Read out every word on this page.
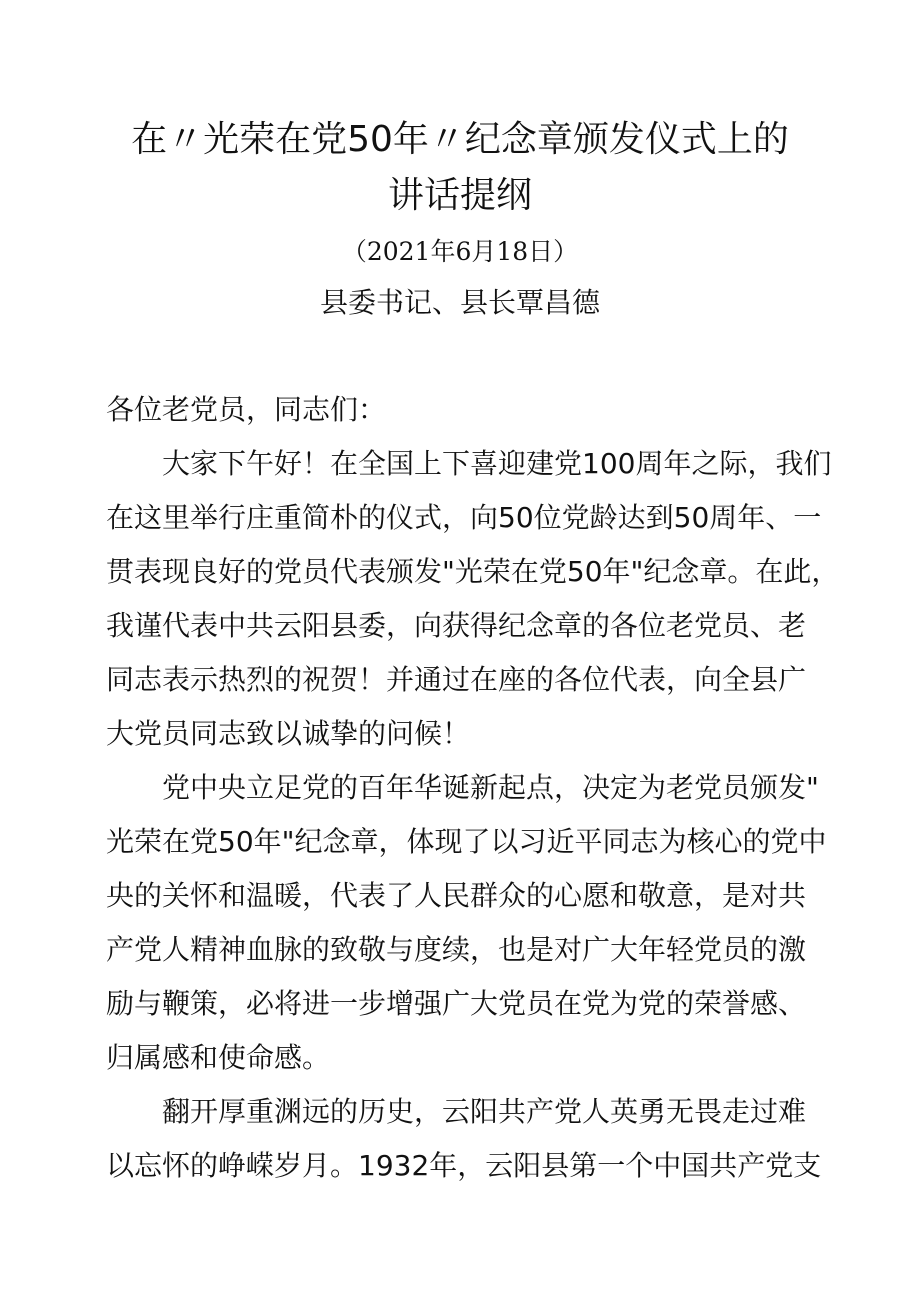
在〃光荣在党50年〃纪念章颁发仪式上的
讲话提纲
（2021年6月18日）
县委书记、县长覃昌德
各位老党员，同志们：
大家下午好！在全国上下喜迎建党100周年之际，我们
在这里举行庄重简朴的仪式，向50位党龄达到50周年、一
贯表现良好的党员代表颁发"光荣在党50年"纪念章。在此，
我谨代表中共云阳县委，向获得纪念章的各位老党员、老
同志表示热烈的祝贺！并通过在座的各位代表，向全县广
大党员同志致以诚挚的问候！
党中央立足党的百年华诞新起点，决定为老党员颁发"
光荣在党50年"纪念章，体现了以习近平同志为核心的党中
央的关怀和温暖，代表了人民群众的心愿和敬意，是对共
产党人精神血脉的致敬与度续，也是对广大年轻党员的激
励与鞭策，必将进一步增强广大党员在党为党的荣誉感、
归属感和使命感。
翻开厚重渊远的历史，云阳共产党人英勇无畏走过难
以忘怀的峥嵘岁月。1932年，云阳县第一个中国共产党支
